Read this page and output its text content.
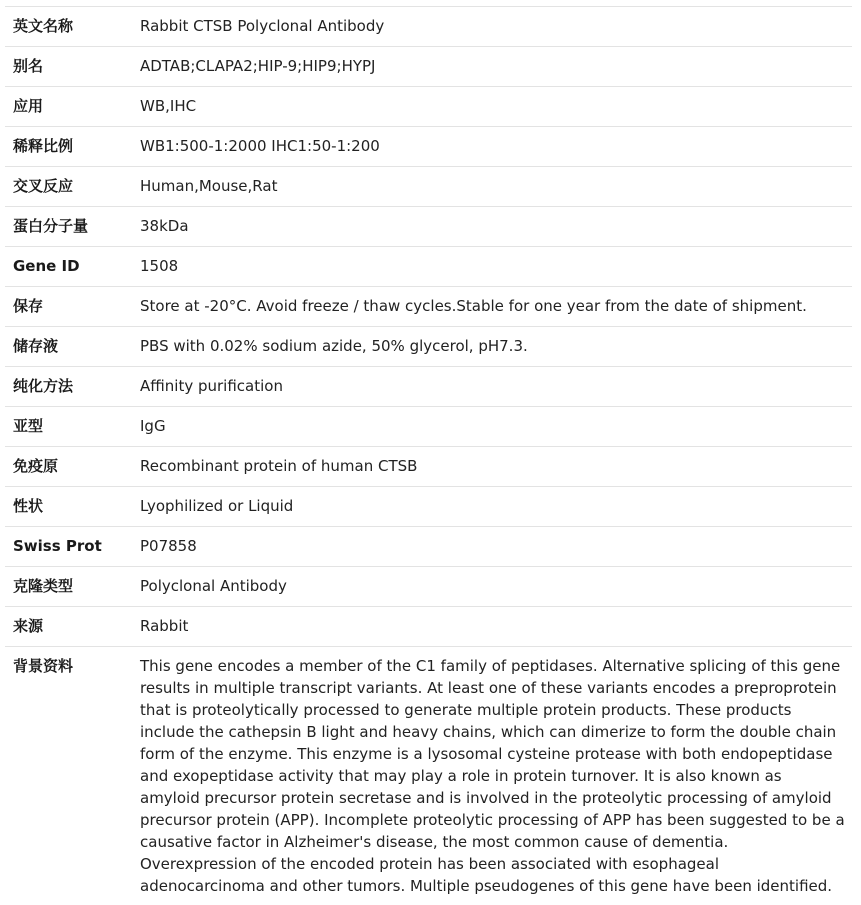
英文名称	Rabbit CTSB Polyclonal Antibody
别名	ADTAB;CLAPA2;HIP-9;HIP9;HYPJ
应用	WB,IHC
稀释比例	WB1:500-1:2000 IHC1:50-1:200
交叉反应	Human,Mouse,Rat
蛋白分子量	38kDa
Gene ID	1508
保存	Store at -20°C. Avoid freeze / thaw cycles.Stable for one year from the date of shipment.
储存液	PBS with 0.02% sodium azide, 50% glycerol, pH7.3.
纯化方法	Affinity purification
亚型	IgG
免疫原	Recombinant protein of human CTSB
性状	Lyophilized or Liquid
Swiss Prot	P07858
克隆类型	Polyclonal Antibody
来源	Rabbit
背景资料	This gene encodes a member of the C1 family of peptidases. Alternative splicing of this gene results in multiple transcript variants. At least one of these variants encodes a preproprotein that is proteolytically processed to generate multiple protein products. These products include the cathepsin B light and heavy chains, which can dimerize to form the double chain form of the enzyme. This enzyme is a lysosomal cysteine protease with both endopeptidase and exopeptidase activity that may play a role in protein turnover. It is also known as amyloid precursor protein secretase and is involved in the proteolytic processing of amyloid precursor protein (APP). Incomplete proteolytic processing of APP has been suggested to be a causative factor in Alzheimer's disease, the most common cause of dementia. Overexpression of the encoded protein has been associated with esophageal adenocarcinoma and other tumors. Multiple pseudogenes of this gene have been identified.
